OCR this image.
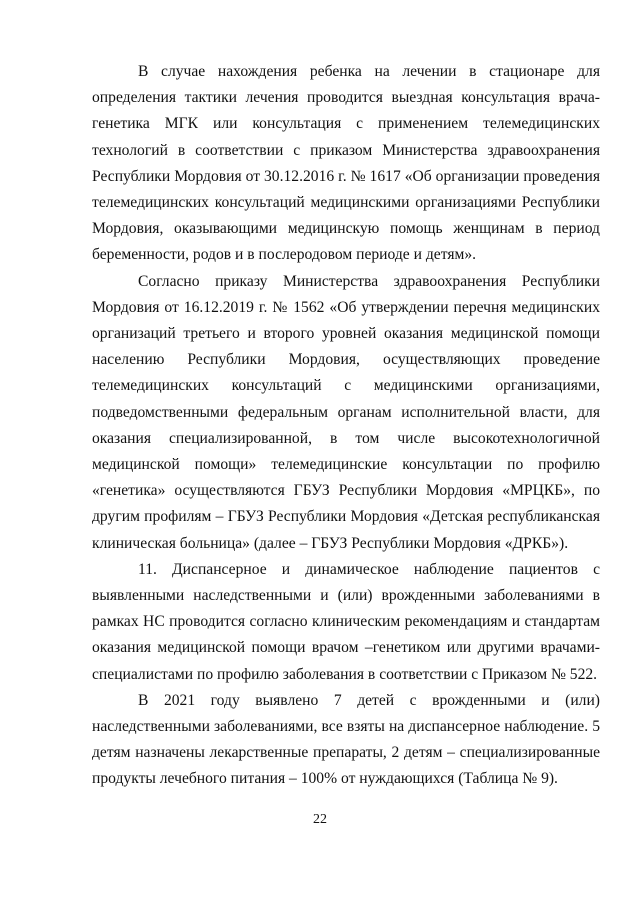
В случае нахождения ребенка на лечении в стационаре для определения тактики лечения проводится выездная консультация врача-генетика МГК или консультация с применением телемедицинских технологий в соответствии с приказом Министерства здравоохранения Республики Мордовия от 30.12.2016 г. № 1617 «Об организации проведения телемедицинских консультаций медицинскими организациями Республики Мордовия, оказывающими медицинскую помощь женщинам в период беременности, родов и в послеродовом периоде и детям».

Согласно приказу Министерства здравоохранения Республики Мордовия от 16.12.2019 г. № 1562 «Об утверждении перечня медицинских организаций третьего и второго уровней оказания медицинской помощи населению Республики Мордовия, осуществляющих проведение телемедицинских консультаций с медицинскими организациями, подведомственными федеральным органам исполнительной власти, для оказания специализированной, в том числе высокотехнологичной медицинской помощи» телемедицинские консультации по профилю «генетика» осуществляются ГБУЗ Республики Мордовия «МРЦКБ», по другим профилям – ГБУЗ Республики Мордовия «Детская республиканская клиническая больница» (далее – ГБУЗ Республики Мордовия «ДРКБ»).

11. Диспансерное и динамическое наблюдение пациентов с выявленными наследственными и (или) врожденными заболеваниями в рамках НС проводится согласно клиническим рекомендациям и стандартам оказания медицинской помощи врачом –генетиком или другими врачами-специалистами по профилю заболевания в соответствии с Приказом № 522.

В 2021 году выявлено 7 детей с врожденными и (или) наследственными заболеваниями, все взяты на диспансерное наблюдение. 5 детям назначены лекарственные препараты, 2 детям – специализированные продукты лечебного питания – 100% от нуждающихся (Таблица № 9).

22
